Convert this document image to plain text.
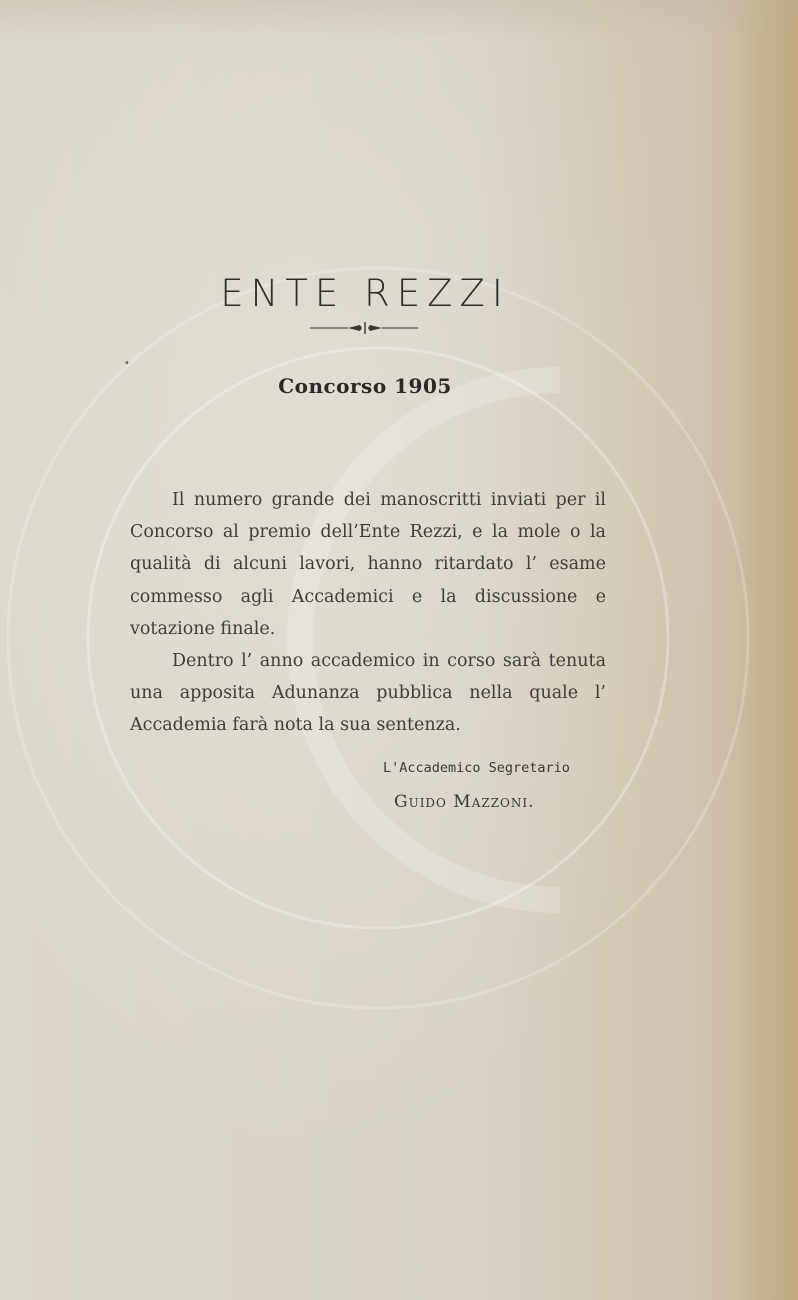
ENTE REZZI
Concorso 1905

Il numero grande dei manoscritti inviati per il Concorso al premio dell’Ente Rezzi, e la mole o la qualità di alcuni lavori, hanno ritardato l’ esame commesso agli Accademici e la discussione e votazione finale.

Dentro l’ anno accademico in corso sarà tenuta una apposita Adunanza pubblica nella quale l’ Accademia farà nota la sua sentenza.

L'Accademico Segretario
Guido Mazzoni.
•
